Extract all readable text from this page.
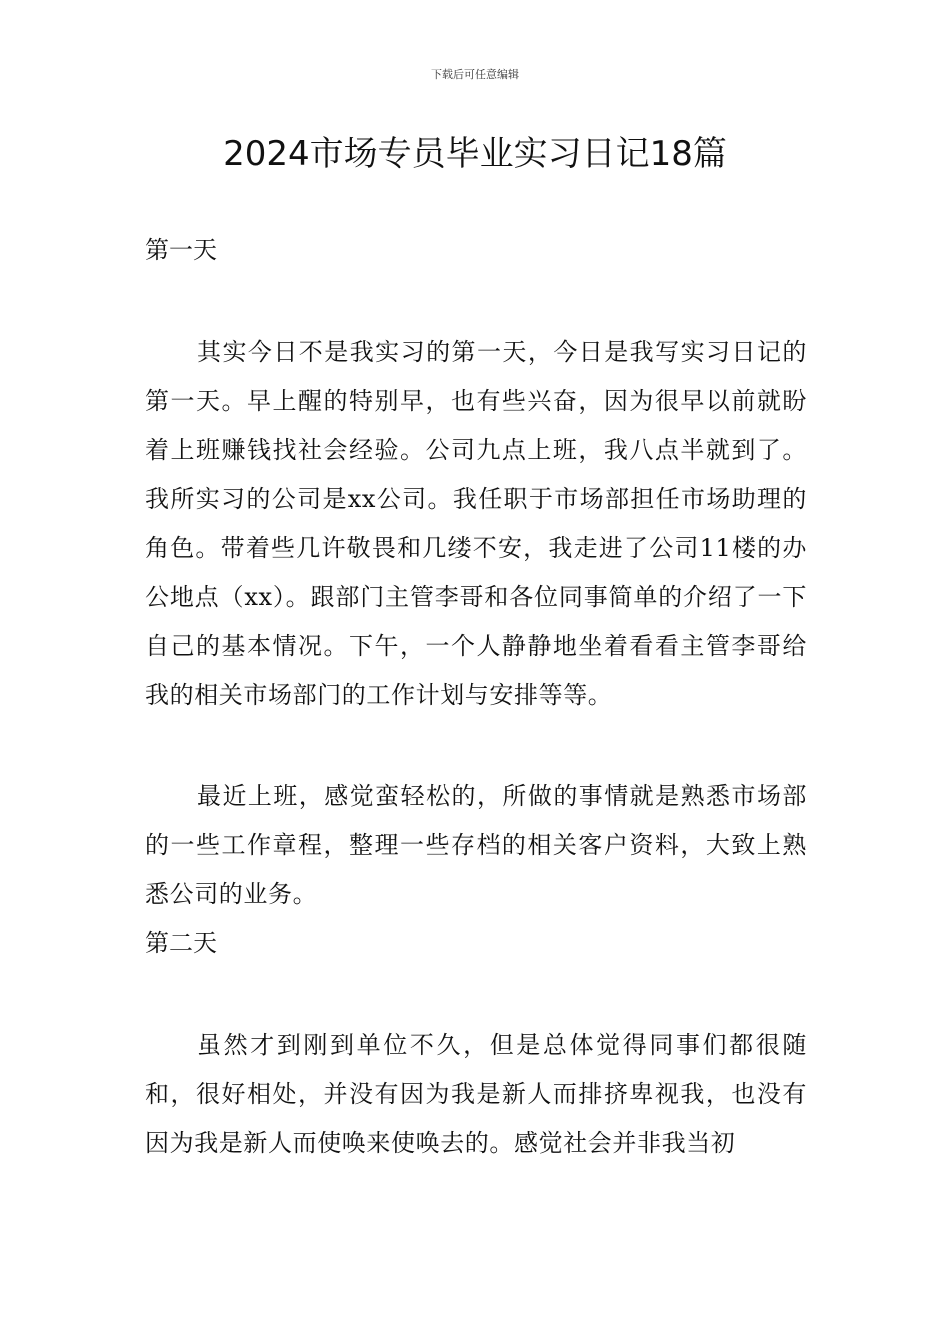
下载后可任意编辑
2024市场专员毕业实习日记18篇

第一天

其实今日不是我实习的第一天，今日是我写实习日记的第一天。早上醒的特别早，也有些兴奋，因为很早以前就盼着上班赚钱找社会经验。公司九点上班，我八点半就到了。我所实习的公司是xx公司。我任职于市场部担任市场助理的角色。带着些几许敬畏和几缕不安，我走进了公司11楼的办公地点（xx）。跟部门主管李哥和各位同事简单的介绍了一下自己的基本情况。下午，一个人静静地坐着看看主管李哥给我的相关市场部门的工作计划与安排等等。

最近上班，感觉蛮轻松的，所做的事情就是熟悉市场部的一些工作章程，整理一些存档的相关客户资料，大致上熟悉公司的业务。

第二天

虽然才到刚到单位不久，但是总体觉得同事们都很随和，很好相处，并没有因为我是新人而排挤卑视我，也没有因为我是新人而使唤来使唤去的。感觉社会并非我当初
